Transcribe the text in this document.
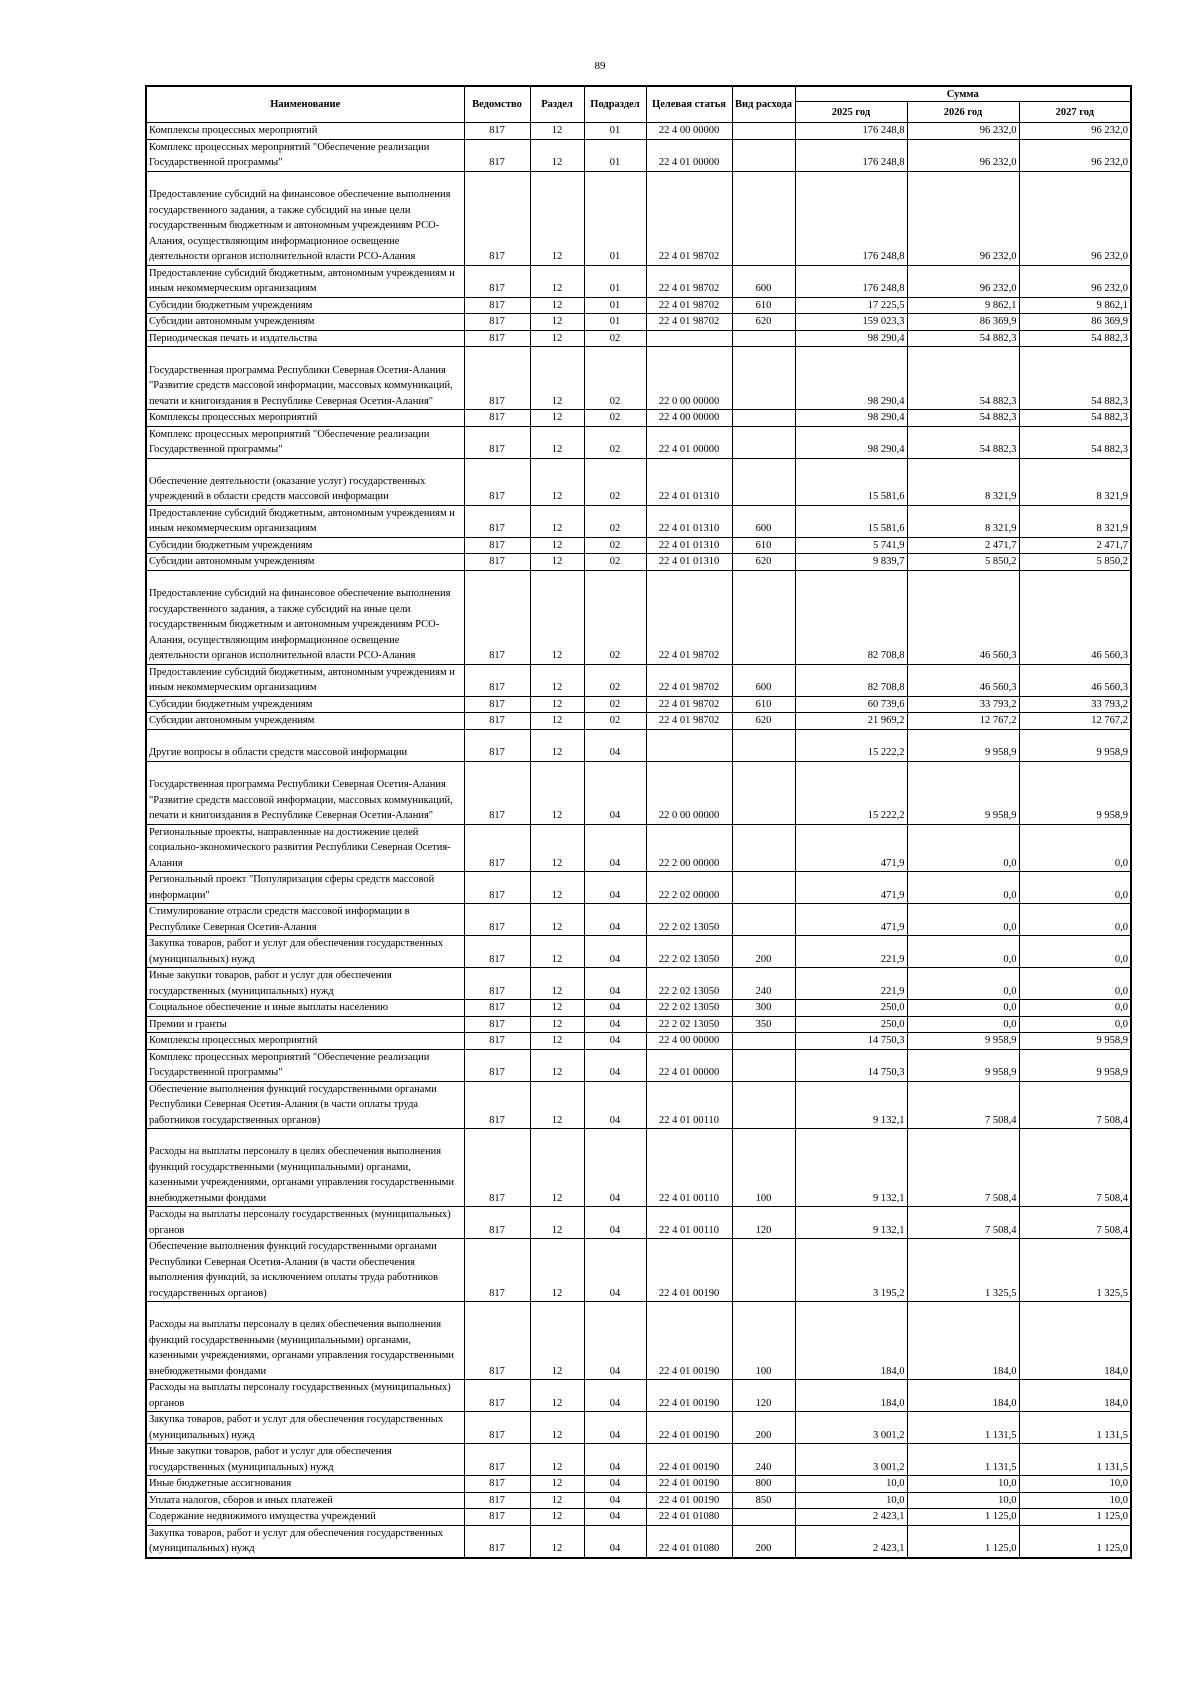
89
Наименование	Ведомство	Раздел	Подраздел	Целевая статья	Вид расхода	Сумма		
						2025 год	2026 год	2027 год
Комплексы процессных мероприятий	817	12	01	22 4 00 00000		176 248,8	96 232,0	96 232,0
Комплекс процессных мероприятий "Обеспечение реализации Государственной программы"	817	12	01	22 4 01 00000		176 248,8	96 232,0	96 232,0
Предоставление субсидий на финансовое обеспечение выполнения государственного задания, а также субсидий на иные цели государственным бюджетным и автономным учреждениям РСО-Алания, осуществляющим информационное освещение деятельности органов исполнительной власти РСО-Алания	817	12	01	22 4 01 98702		176 248,8	96 232,0	96 232,0
Предоставление субсидий бюджетным, автономным учреждениям и иным некоммерческим организациям	817	12	01	22 4 01 98702	600	176 248,8	96 232,0	96 232,0
Субсидии бюджетным учреждениям	817	12	01	22 4 01 98702	610	17 225,5	9 862,1	9 862,1
Субсидии автономным учреждениям	817	12	01	22 4 01 98702	620	159 023,3	86 369,9	86 369,9
Периодическая печать и издательства	817	12	02			98 290,4	54 882,3	54 882,3
Государственная программа Республики Северная Осетия-Алания "Развитие средств массовой информации, массовых коммуникаций, печати и книгоиздания в Республике Северная Осетия-Алания"	817	12	02	22 0 00 00000		98 290,4	54 882,3	54 882,3
Комплексы процессных мероприятий	817	12	02	22 4 00 00000		98 290,4	54 882,3	54 882,3
Комплекс процессных мероприятий "Обеспечение реализации Государственной программы"	817	12	02	22 4 01 00000		98 290,4	54 882,3	54 882,3
Обеспечение деятельности (оказание услуг) государственных учреждений в области средств массовой информации	817	12	02	22 4 01 01310		15 581,6	8 321,9	8 321,9
Предоставление субсидий бюджетным, автономным учреждениям и иным некоммерческим организациям	817	12	02	22 4 01 01310	600	15 581,6	8 321,9	8 321,9
Субсидии бюджетным учреждениям	817	12	02	22 4 01 01310	610	5 741,9	2 471,7	2 471,7
Субсидии автономным учреждениям	817	12	02	22 4 01 01310	620	9 839,7	5 850,2	5 850,2
Предоставление субсидий на финансовое обеспечение выполнения государственного задания, а также субсидий на иные цели государственным бюджетным и автономным учреждениям РСО-Алания, осуществляющим информационное освещение деятельности органов исполнительной власти РСО-Алания	817	12	02	22 4 01 98702		82 708,8	46 560,3	46 560,3
Предоставление субсидий бюджетным, автономным учреждениям и иным некоммерческим организациям	817	12	02	22 4 01 98702	600	82 708,8	46 560,3	46 560,3
Субсидии бюджетным учреждениям	817	12	02	22 4 01 98702	610	60 739,6	33 793,2	33 793,2
Субсидии автономным учреждениям	817	12	02	22 4 01 98702	620	21 969,2	12 767,2	12 767,2
Другие вопросы в области средств массовой информации	817	12	04			15 222,2	9 958,9	9 958,9
Государственная программа Республики Северная Осетия-Алания "Развитие средств массовой информации, массовых коммуникаций, печати и книгоиздания в Республике Северная Осетия-Алания"	817	12	04	22 0 00 00000		15 222,2	9 958,9	9 958,9
Региональные проекты, направленные на достижение целей социально-экономического развития Республики Северная Осетия-Алания	817	12	04	22 2 00 00000		471,9	0,0	0,0
Региональный проект "Популяризация сферы средств массовой информации"	817	12	04	22 2 02 00000		471,9	0,0	0,0
Стимулирование отрасли средств массовой информации в Республике Северная Осетия-Алания	817	12	04	22 2 02 13050		471,9	0,0	0,0
Закупка товаров, работ и услуг для обеспечения государственных (муниципальных) нужд	817	12	04	22 2 02 13050	200	221,9	0,0	0,0
Иные закупки товаров, работ и услуг для обеспечения государственных (муниципальных) нужд	817	12	04	22 2 02 13050	240	221,9	0,0	0,0
Социальное обеспечение и иные выплаты населению	817	12	04	22 2 02 13050	300	250,0	0,0	0,0
Премии и гранты	817	12	04	22 2 02 13050	350	250,0	0,0	0,0
Комплексы процессных мероприятий	817	12	04	22 4 00 00000		14 750,3	9 958,9	9 958,9
Комплекс процессных мероприятий "Обеспечение реализации Государственной программы"	817	12	04	22 4 01 00000		14 750,3	9 958,9	9 958,9
Обеспечение выполнения функций государственными органами Республики Северная Осетия-Алания (в части оплаты труда работников государственных органов)	817	12	04	22 4 01 00110		9 132,1	7 508,4	7 508,4
Расходы на выплаты персоналу в целях обеспечения выполнения функций государственными (муниципальными) органами, казенными учреждениями, органами управления государственными внебюджетными фондами	817	12	04	22 4 01 00110	100	9 132,1	7 508,4	7 508,4
Расходы на выплаты персоналу государственных (муниципальных) органов	817	12	04	22 4 01 00110	120	9 132,1	7 508,4	7 508,4
Обеспечение выполнения функций государственными органами Республики Северная Осетия-Алания (в части обеспечения выполнения функций, за исключением оплаты труда работников государственных органов)	817	12	04	22 4 01 00190		3 195,2	1 325,5	1 325,5
Расходы на выплаты персоналу в целях обеспечения выполнения функций государственными (муниципальными) органами, казенными учреждениями, органами управления государственными внебюджетными фондами	817	12	04	22 4 01 00190	100	184,0	184,0	184,0
Расходы на выплаты персоналу государственных (муниципальных) органов	817	12	04	22 4 01 00190	120	184,0	184,0	184,0
Закупка товаров, работ и услуг для обеспечения государственных (муниципальных) нужд	817	12	04	22 4 01 00190	200	3 001,2	1 131,5	1 131,5
Иные закупки товаров, работ и услуг для обеспечения государственных (муниципальных) нужд	817	12	04	22 4 01 00190	240	3 001,2	1 131,5	1 131,5
Иные бюджетные ассигнования	817	12	04	22 4 01 00190	800	10,0	10,0	10,0
Уплата налогов, сборов и иных платежей	817	12	04	22 4 01 00190	850	10,0	10,0	10,0
Содержание недвижимого имущества учреждений	817	12	04	22 4 01 01080		2 423,1	1 125,0	1 125,0
Закупка товаров, работ и услуг для обеспечения государственных (муниципальных) нужд	817	12	04	22 4 01 01080	200	2 423,1	1 125,0	1 125,0
